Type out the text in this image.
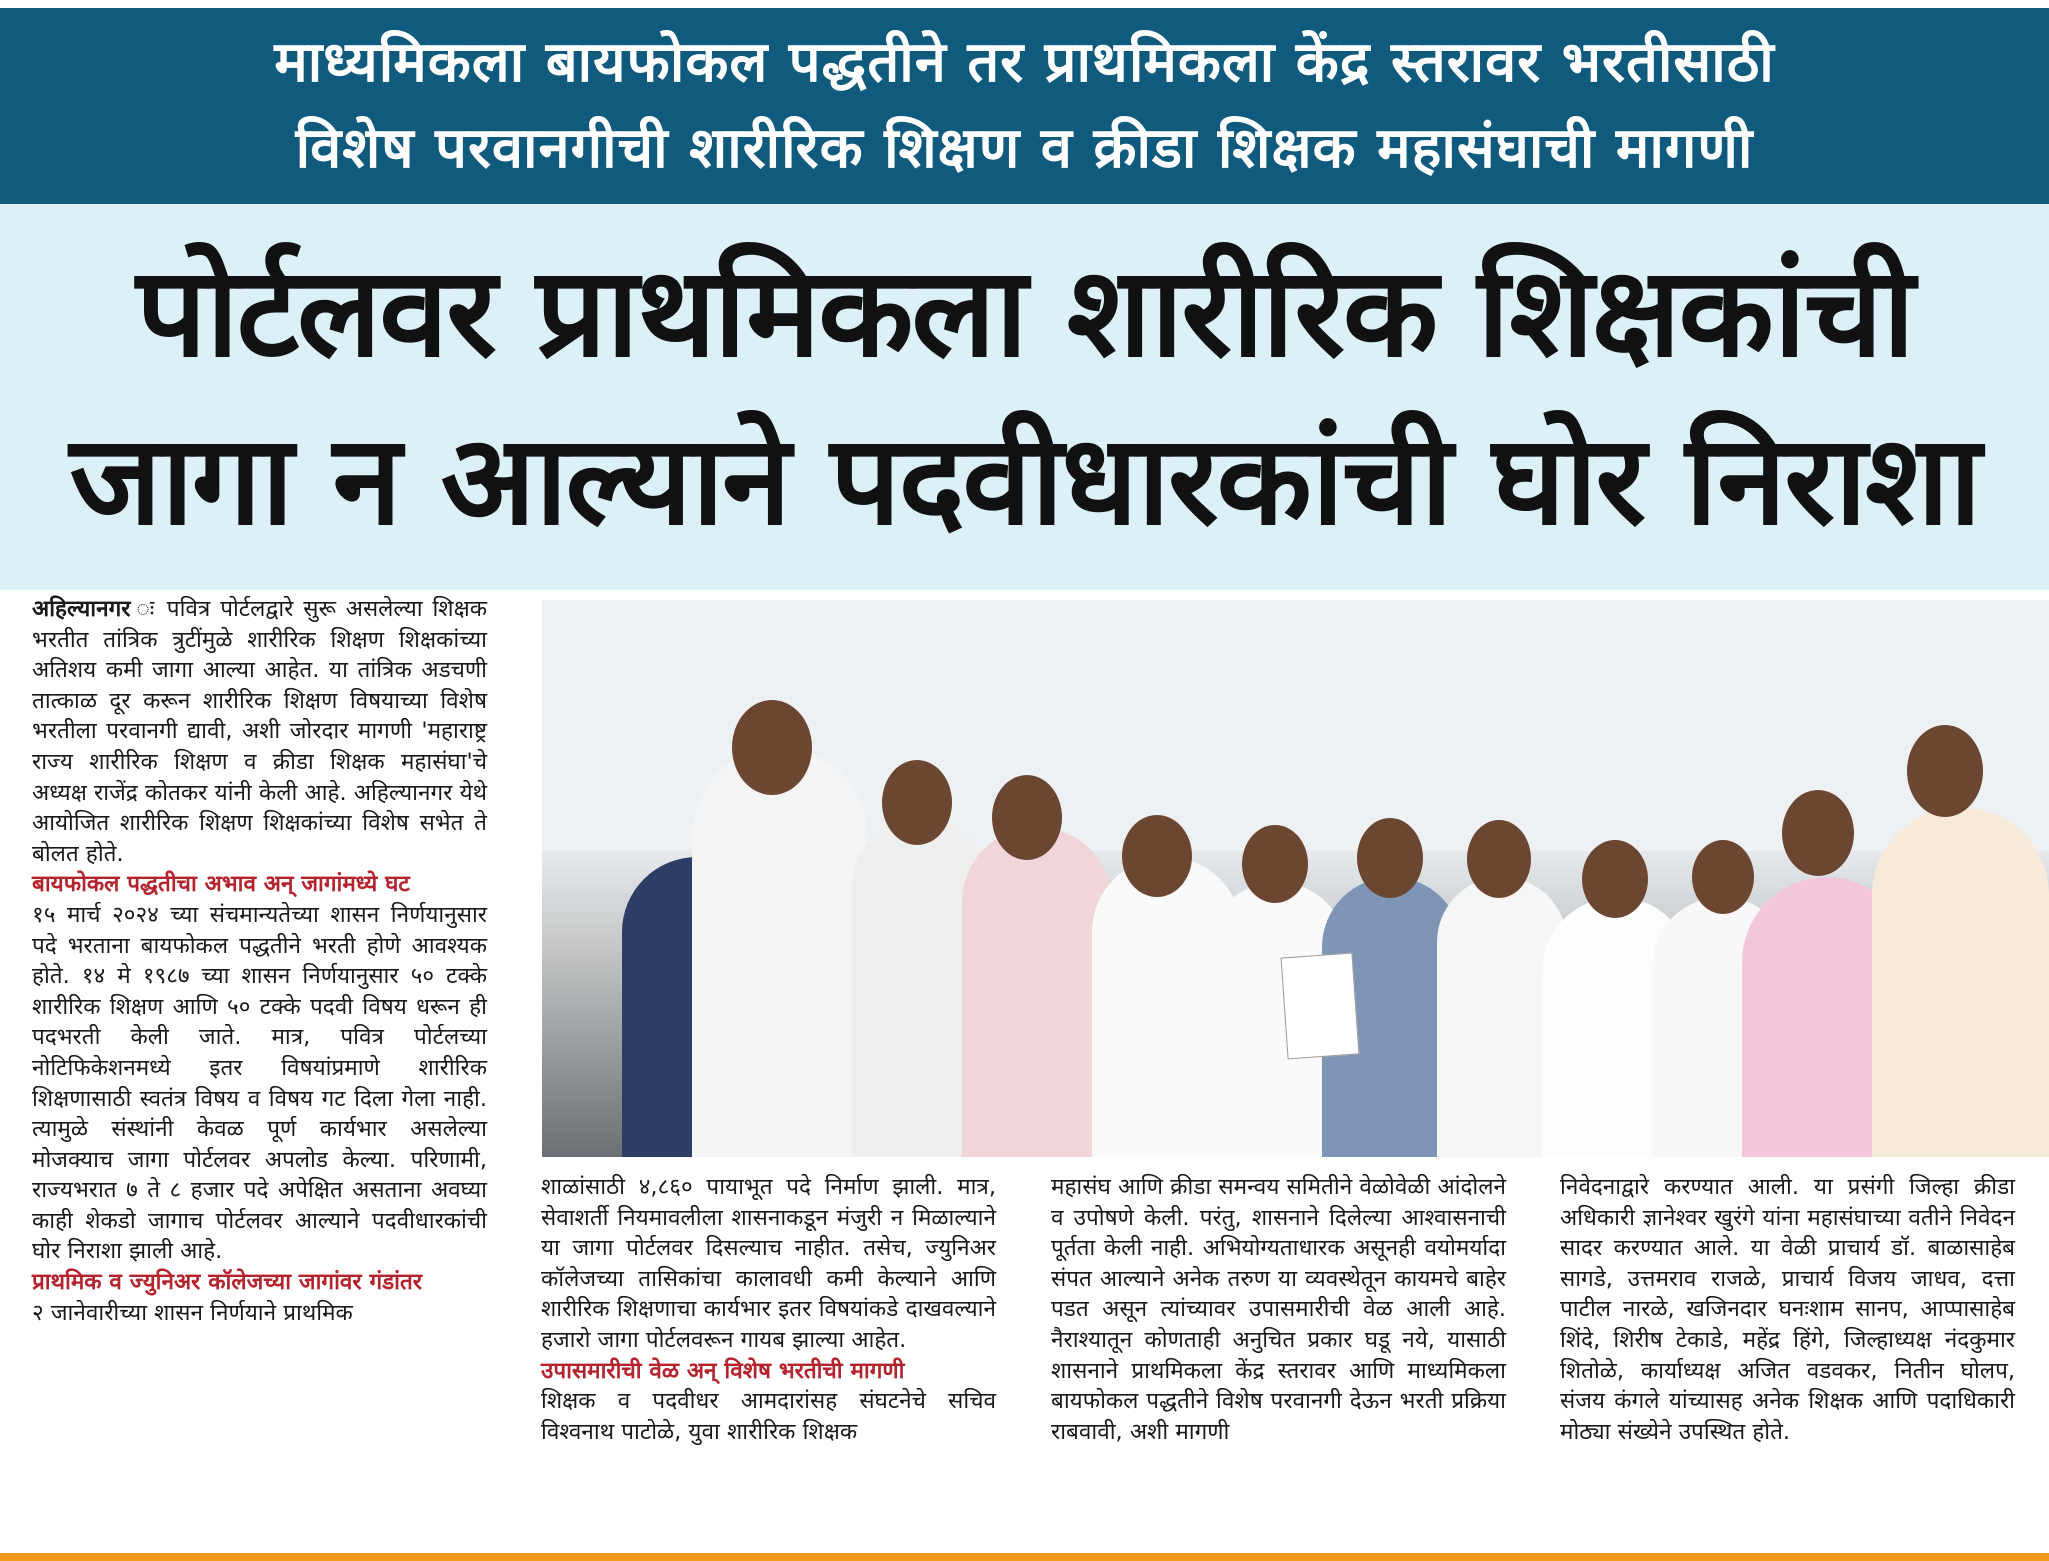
माध्यमिकला बायफोकल पद्धतीने तर प्राथमिकला केंद्र स्तरावर भरतीसाठी
विशेष परवानगीची शारीरिक शिक्षण व क्रीडा शिक्षक महासंघाची मागणी
पोर्टलवर प्राथमिकला शारीरिक शिक्षकांची
जागा न आल्याने पदवीधारकांची घोर निराशा

अहिल्यानगर ः पवित्र पोर्टलद्वारे सुरू असलेल्या शिक्षक भरतीत तांत्रिक त्रुटींमुळे शारीरिक शिक्षण शिक्षकांच्या अतिशय कमी जागा आल्या आहेत. या तांत्रिक अडचणी तात्काळ दूर करून शारीरिक शिक्षण विषयाच्या विशेष भरतीला परवानगी द्यावी, अशी जोरदार मागणी 'महाराष्ट्र राज्य शारीरिक शिक्षण व क्रीडा शिक्षक महासंघा'चे अध्यक्ष राजेंद्र कोतकर यांनी केली आहे. अहिल्यानगर येथे आयोजित शारीरिक शिक्षण शिक्षकांच्या विशेष सभेत ते बोलत होते.

बायफोकल पद्धतीचा अभाव अन् जागांमध्ये घट

१५ मार्च २०२४ च्या संचमान्यतेच्या शासन निर्णयानुसार पदे भरताना बायफोकल पद्धतीने भरती होणे आवश्यक होते. १४ मे १९८७ च्या शासन निर्णयानुसार ५० टक्के शारीरिक शिक्षण आणि ५० टक्के पदवी विषय धरून ही पदभरती केली जाते. मात्र, पवित्र पोर्टलच्या नोटिफिकेशनमध्ये इतर विषयांप्रमाणे शारीरिक शिक्षणासाठी स्वतंत्र विषय व विषय गट दिला गेला नाही. त्यामुळे संस्थांनी केवळ पूर्ण कार्यभार असलेल्या मोजक्याच जागा पोर्टलवर अपलोड केल्या. परिणामी, राज्यभरात ७ ते ८ हजार पदे अपेक्षित असताना अवघ्या काही शेकडो जागाच पोर्टलवर आल्याने पदवीधारकांची घोर निराशा झाली आहे.

प्राथमिक व ज्युनिअर कॉलेजच्या जागांवर गंडांतर

२ जानेवारीच्या शासन निर्णयाने प्राथमिक

शाळांसाठी ४,८६० पायाभूत पदे निर्माण झाली. मात्र, सेवाशर्ती नियमावलीला शासनाकडून मंजुरी न मिळाल्याने या जागा पोर्टलवर दिसल्याच नाहीत. तसेच, ज्युनिअर कॉलेजच्या तासिकांचा कालावधी कमी केल्याने आणि शारीरिक शिक्षणाचा कार्यभार इतर विषयांकडे दाखवल्याने हजारो जागा पोर्टलवरून गायब झाल्या आहेत.

उपासमारीची वेळ अन् विशेष भरतीची मागणी

शिक्षक व पदवीधर आमदारांसह संघटनेचे सचिव विश्वनाथ पाटोळे, युवा शारीरिक शिक्षक

महासंघ आणि क्रीडा समन्वय समितीने वेळोवेळी आंदोलने व उपोषणे केली. परंतु, शासनाने दिलेल्या आश्वासनाची पूर्तता केली नाही. अभियोग्यताधारक असूनही वयोमर्यादा संपत आल्याने अनेक तरुण या व्यवस्थेतून कायमचे बाहेर पडत असून त्यांच्यावर उपासमारीची वेळ आली आहे. नैराश्यातून कोणताही अनुचित प्रकार घडू नये, यासाठी शासनाने प्राथमिकला केंद्र स्तरावर आणि माध्यमिकला बायफोकल पद्धतीने विशेष परवानगी देऊन भरती प्रक्रिया राबवावी, अशी मागणी

निवेदनाद्वारे करण्यात आली. या प्रसंगी जिल्हा क्रीडा अधिकारी ज्ञानेश्वर खुरंगे यांना महासंघाच्या वतीने निवेदन सादर करण्यात आले. या वेळी प्राचार्य डॉ. बाळासाहेब सागडे, उत्तमराव राजळे, प्राचार्य विजय जाधव, दत्ता पाटील नारळे, खजिनदार घनःशाम सानप, आप्पासाहेब शिंदे, शिरीष टेकाडे, महेंद्र हिंगे, जिल्हाध्यक्ष नंदकुमार शितोळे, कार्याध्यक्ष अजित वडवकर, नितीन घोलप, संजय कंगले यांच्यासह अनेक शिक्षक आणि पदाधिकारी मोठ्या संख्येने उपस्थित होते.
